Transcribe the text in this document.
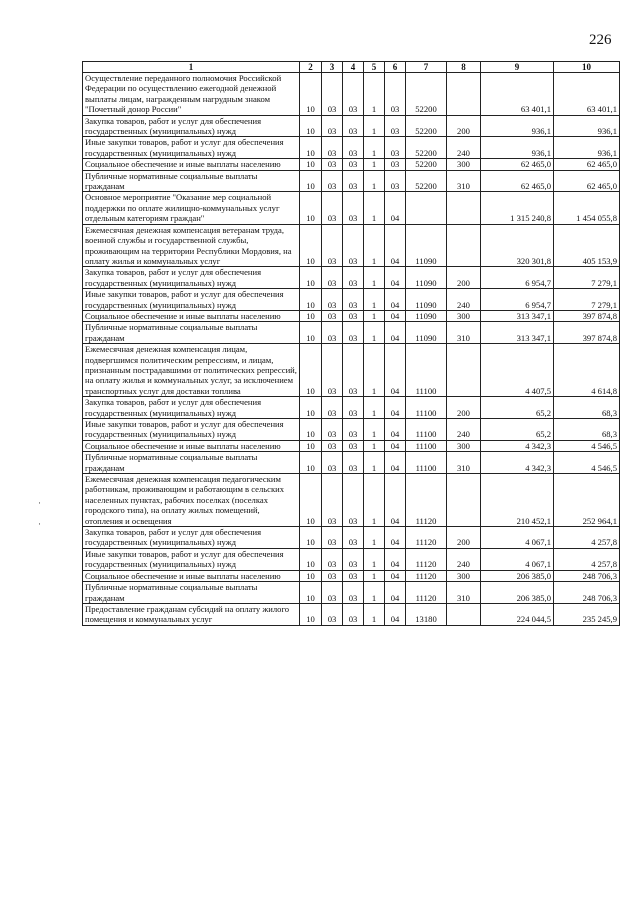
226
·
·
1	2	3	4	5	6	7	8	9	10
Осуществление переданного полномочия Российской Федерации по осуществлению ежегодной денежной выплаты лицам, награжденным нагрудным знаком "Почетный донор России"	10	03	03	1	03	52200		63 401,1	63 401,1
Закупка товаров, работ и услуг для обеспечения государственных (муниципальных) нужд	10	03	03	1	03	52200	200	936,1	936,1
Иные закупки товаров, работ и услуг для обеспечения государственных (муниципальных) нужд	10	03	03	1	03	52200	240	936,1	936,1
Социальное обеспечение и иные выплаты населению	10	03	03	1	03	52200	300	62 465,0	62 465,0
Публичные нормативные социальные выплаты гражданам	10	03	03	1	03	52200	310	62 465,0	62 465,0
Основное мероприятие "Оказание мер социальной поддержки по оплате жилищно-коммунальных услуг отдельным категориям граждан"	10	03	03	1	04			1 315 240,8	1 454 055,8
Ежемесячная денежная компенсация ветеранам труда, военной службы и государственной службы, проживающим на территории Республики Мордовия, на оплату жилья и коммунальных услуг	10	03	03	1	04	11090		320 301,8	405 153,9
Закупка товаров, работ и услуг для обеспечения государственных (муниципальных) нужд	10	03	03	1	04	11090	200	6 954,7	7 279,1
Иные закупки товаров, работ и услуг для обеспечения государственных (муниципальных) нужд	10	03	03	1	04	11090	240	6 954,7	7 279,1
Социальное обеспечение и иные выплаты населению	10	03	03	1	04	11090	300	313 347,1	397 874,8
Публичные нормативные социальные выплаты гражданам	10	03	03	1	04	11090	310	313 347,1	397 874,8
Ежемесячная денежная компенсация лицам, подвергшимся политическим репрессиям, и лицам, признанным пострадавшими от политических репрессий, на оплату жилья и коммунальных услуг, за исключением транспортных услуг для доставки топлива	10	03	03	1	04	11100		4 407,5	4 614,8
Закупка товаров, работ и услуг для обеспечения государственных (муниципальных) нужд	10	03	03	1	04	11100	200	65,2	68,3
Иные закупки товаров, работ и услуг для обеспечения государственных (муниципальных) нужд	10	03	03	1	04	11100	240	65,2	68,3
Социальное обеспечение и иные выплаты населению	10	03	03	1	04	11100	300	4 342,3	4 546,5
Публичные нормативные социальные выплаты гражданам	10	03	03	1	04	11100	310	4 342,3	4 546,5
Ежемесячная денежная компенсация педагогическим работникам, проживающим и работающим в сельских населенных пунктах, рабочих поселках (поселках городского типа), на оплату жилых помещений, отопления и освещения	10	03	03	1	04	11120		210 452,1	252 964,1
Закупка товаров, работ и услуг для обеспечения государственных (муниципальных) нужд	10	03	03	1	04	11120	200	4 067,1	4 257,8
Иные закупки товаров, работ и услуг для обеспечения государственных (муниципальных) нужд	10	03	03	1	04	11120	240	4 067,1	4 257,8
Социальное обеспечение и иные выплаты населению	10	03	03	1	04	11120	300	206 385,0	248 706,3
Публичные нормативные социальные выплаты гражданам	10	03	03	1	04	11120	310	206 385,0	248 706,3
Предоставление гражданам субсидий на оплату жилого помещения и коммунальных услуг	10	03	03	1	04	13180		224 044,5	235 245,9
